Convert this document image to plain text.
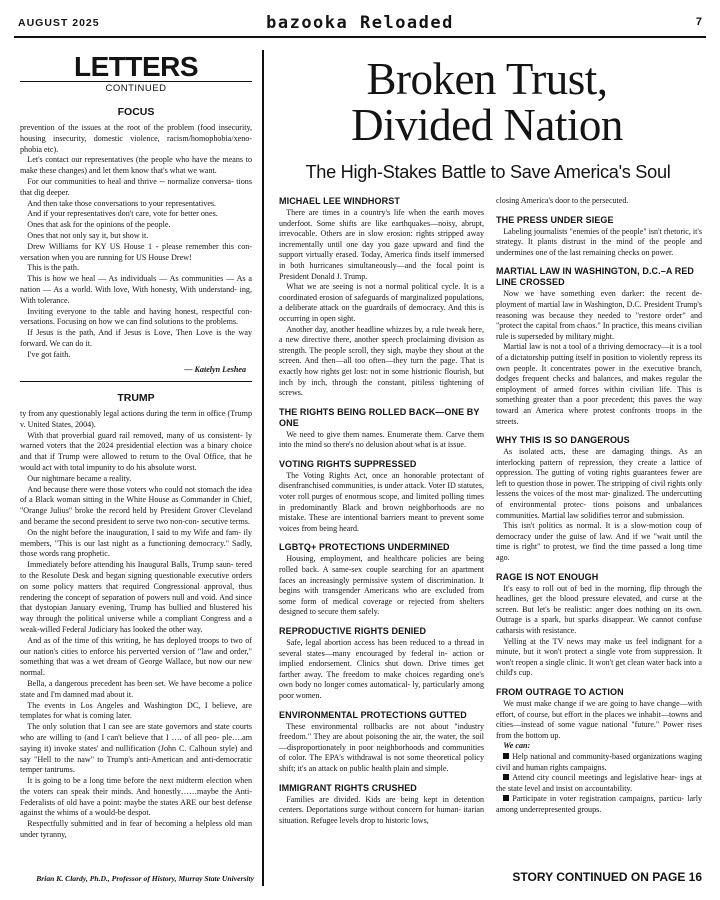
AUGUST 2025	bazooka Reloaded	7
LETTERS
CONTINUED
FOCUS

prevention of the issues at the root of the problem (food insecurity, housing insecurity, domestic violence, racism/homophobia/xeno- phobia etc).

Let's contact our representatives (the people who have the means to make these changes) and let them know that's what we want.

For our communities to heal and thrive -- normalize conversa- tions that dig deeper.

And then take those conversations to your representatives.

And if your representatives don't care, vote for better ones.

Ones that ask for the opinions of the people.

Ones that not only say it, but show it.

Drew Williams for KY US House 1 - please remember this con- versation when you are running for US House Drew!

This is the path.

This is how we heal — As individuals — As communities — As a nation — As a world. With love, With honesty, With understand- ing, With tolerance.

Inviting everyone to the table and having honest, respectful con- versations. Focusing on how we can find solutions to the problems.

If Jesus is the path, And if Jesus is Love, Then Love is the way forward. We can do it.

I've got faith.

— Katelyn Leshea
TRUMP

ty from any questionably legal actions during the term in office (Trump v. United States, 2004).

With that proverbial guard rail removed, many of us consistent- ly warned voters that the 2024 presidential election was a binary choice and that if Trump were allowed to return to the Oval Office, that he would act with total impunity to do his absolute worst.

Our nightmare became a reality.

And because there were those voters who could not stomach the idea of a Black woman sitting in the White House as Commander in Chief, "Orange Julius" broke the record held by President Grover Cleveland and became the second president to serve two non-con- secutive terms.

On the night before the inauguration, I said to my Wife and fam- ily members, "This is our last night as a functioning democracy." Sadly, those words rang prophetic.

Immediately before attending his Inaugural Balls, Trump saun- tered to the Resolute Desk and began signing questionable executive orders on some policy matters that required Congressional approval, thus rendering the concept of separation of powers null and void. And since that dystopian January evening, Trump has bullied and blustered his way through the political universe while a compliant Congress and a weak-willed Federal Judiciary has looked the other way.

And as of the time of this writing, he has deployed troops to two of our nation's cities to enforce his perverted version of "law and order," something that was a wet dream of George Wallace, but now our new normal.

Bella, a dangerous precedent has been set. We have become a police state and I'm damned mad about it.

The events in Los Angeles and Washington DC, I believe, are templates for what is coming later.

The only solution that I can see are state governors and state courts who are willing to (and I can't believe that I …. of all peo- ple….am saying it) invoke states' and nullification (John C. Calhoun style) and say "Hell to the naw" to Trump's anti-American and anti-democratic temper tantrums.

It is going to be a long time before the next midterm election when the voters can speak their minds. And honestly……maybe the Anti-Federalists of old have a point: maybe the states ARE our best defense against the whims of a would-be despot.

Respectfully submitted and in fear of becoming a helpless old man under tyranny,

Brian K. Clardy, Ph.D., Professor of History, Murray State University
Broken Trust,
Divided Nation
The High-Stakes Battle to Save America's Soul
MICHAEL LEE WINDHORST

There are times in a country's life when the earth moves underfoot. Some shifts are like earthquakes—noisy, abrupt, irrevocable. Others are in slow erosion: rights stripped away incrementally until one day you gaze upward and find the support virtually erased. Today, America finds itself immersed in both hurricanes simultaneously—and the focal point is President Donald J. Trump.

What we are seeing is not a normal political cycle. It is a coordinated erosion of safeguards of marginalized populations, a deliberate attack on the guardrails of democracy. And this is occurring in open sight.

Another day, another headline whizzes by, a rule tweak here, a new directive there, another speech proclaiming division as strength. The people scroll, they sigh, maybe they shout at the screen. And then—all too often—they turn the page. That is exactly how rights get lost: not in some histrionic flourish, but inch by inch, through the constant, pitiless tightening of screws.

THE RIGHTS BEING ROLLED BACK—ONE BY ONE

We need to give them names. Enumerate them. Carve them into the mind so there's no delusion about what is at issue.

VOTING RIGHTS SUPPRESSED

The Voting Rights Act, once an honorable protectant of disenfranchised communities, is under attack. Voter ID statutes, voter roll purges of enormous scope, and limited polling times in predominantly Black and brown neighborhoods are no mistake. These are intentional barriers meant to prevent some voices from being heard.

LGBTQ+ PROTECTIONS UNDERMINED

Housing, employment, and healthcare policies are being rolled back. A same-sex couple searching for an apartment faces an increasingly permissive system of discrimination. It begins with transgender Americans who are excluded from some form of medical coverage or rejected from shelters designed to secure them safely.

REPRODUCTIVE RIGHTS DENIED

Safe, legal abortion access has been reduced to a thread in several states—many encouraged by federal in- action or implied endorsement. Clinics shut down. Drive times get farther away. The freedom to make choices regarding one's own body no longer comes automatical- ly, particularly among poor women.

ENVIRONMENTAL PROTECTIONS GUTTED

These environmental rollbacks are not about "industry freedom." They are about poisoning the air, the water, the soil—disproportionately in poor neighborhoods and communities of color. The EPA's withdrawal is not some theoretical policy shift; it's an attack on public health plain and simple.

IMMIGRANT RIGHTS CRUSHED

Families are divided. Kids are being kept in detention centers. Deportations surge without concern for human- itarian situation. Refugee levels drop to historic lows,

closing America's door to the persecuted.

THE PRESS UNDER SIEGE

Labeling journalists "enemies of the people" isn't rhetoric, it's strategy. It plants distrust in the mind of the people and undermines one of the last remaining checks on power.

MARTIAL LAW IN WASHINGTON, D.C.–A RED LINE CROSSED

Now we have something even darker: the recent de- ployment of martial law in Washington, D.C. President Trump's reasoning was because they needed to "restore order" and "protect the capital from chaos." In practice, this means civilian rule is superseded by military might.

Martial law is not a tool of a thriving democracy—it is a tool of a dictatorship putting itself in position to violently repress its own people. It concentrates power in the executive branch, dodges frequent checks and balances, and makes regular the employment of armed forces within civilian life. This is something greater than a poor precedent; this paves the way toward an America where protest confronts troops in the streets.

WHY THIS IS SO DANGEROUS

As isolated acts, these are damaging things. As an interlocking pattern of repression, they create a lattice of oppression. The gutting of voting rights guarantees fewer are left to question those in power. The stripping of civil rights only lessens the voices of the most mar- ginalized. The undercutting of environmental protec- tions poisons and unbalances communities. Martial law solidifies terror and submission.

This isn't politics as normal. It is a slow-motion coup of democracy under the guise of law. And if we "wait until the time is right" to protest, we find the time passed a long time ago.

RAGE IS NOT ENOUGH

It's easy to roll out of bed in the morning, flip through the headlines, get the blood pressure elevated, and curse at the screen. But let's be realistic: anger does nothing on its own. Outrage is a spark, but sparks disappear. We cannot confuse catharsis with resistance.

Yelling at the TV news may make us feel indignant for a minute, but it won't protect a single vote from suppression. It won't reopen a single clinic. It won't get clean water back into a child's cup.

FROM OUTRAGE TO ACTION

We must make change if we are going to have change—with effort, of course, but effort in the places we inhabit—towns and cities—instead of some vague national "future." Power rises from the bottom up.

We can:

Help national and community-based organizations waging civil and human rights campaigns.

Attend city council meetings and legislative hear- ings at the state level and insist on accountability.

Participate in voter registration campaigns, particu- larly among underrepresented groups.

STORY CONTINUED ON PAGE 16
